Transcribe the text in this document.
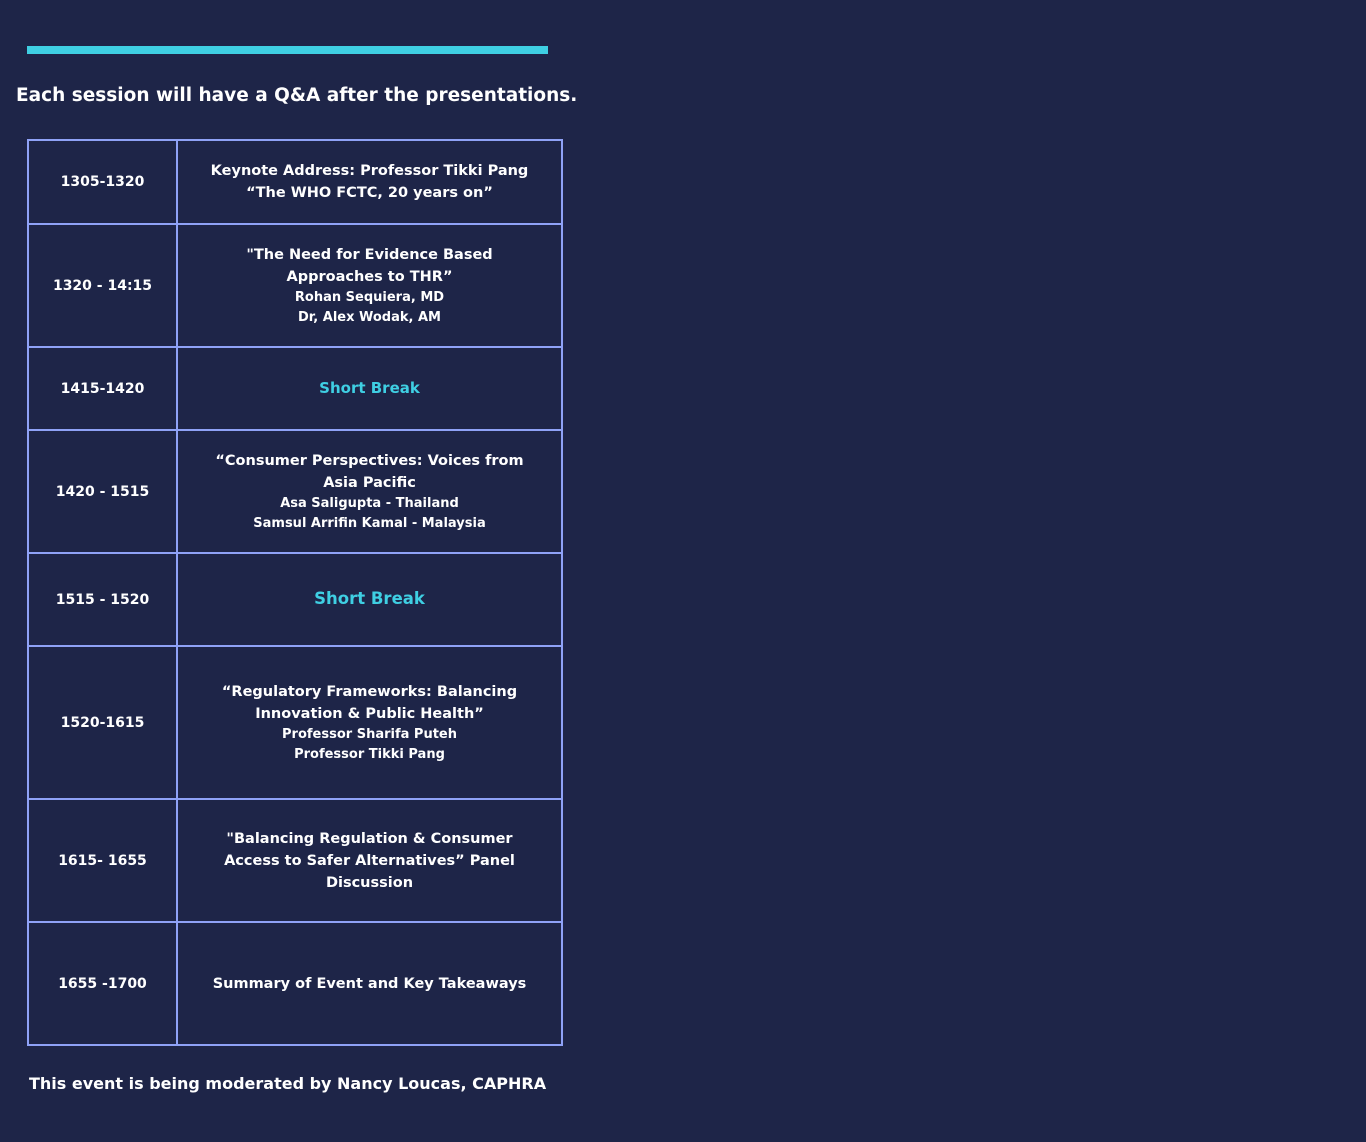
Each session will have a Q&A after the presentations.
1305-1320	Keynote Address: Professor Tikki Pang
“The WHO FCTC, 20 years on”

1320 - 14:15	"The Need for Evidence Based
Approaches to THR”
Rohan Sequiera, MD
Dr, Alex Wodak, AM

1415-1420	Short Break
1420 - 1515	“Consumer Perspectives: Voices from
Asia Pacific
Asa Saligupta - Thailand
Samsul Arrifin Kamal - Malaysia

1515 - 1520	Short Break
1520-1615	“Regulatory Frameworks: Balancing
Innovation & Public Health”
Professor Sharifa Puteh
Professor Tikki Pang

1615- 1655	"Balancing Regulation & Consumer
Access to Safer Alternatives” Panel
Discussion

1655 -1700	Summary of Event and Key Takeaways
This event is being moderated by Nancy Loucas, CAPHRA
